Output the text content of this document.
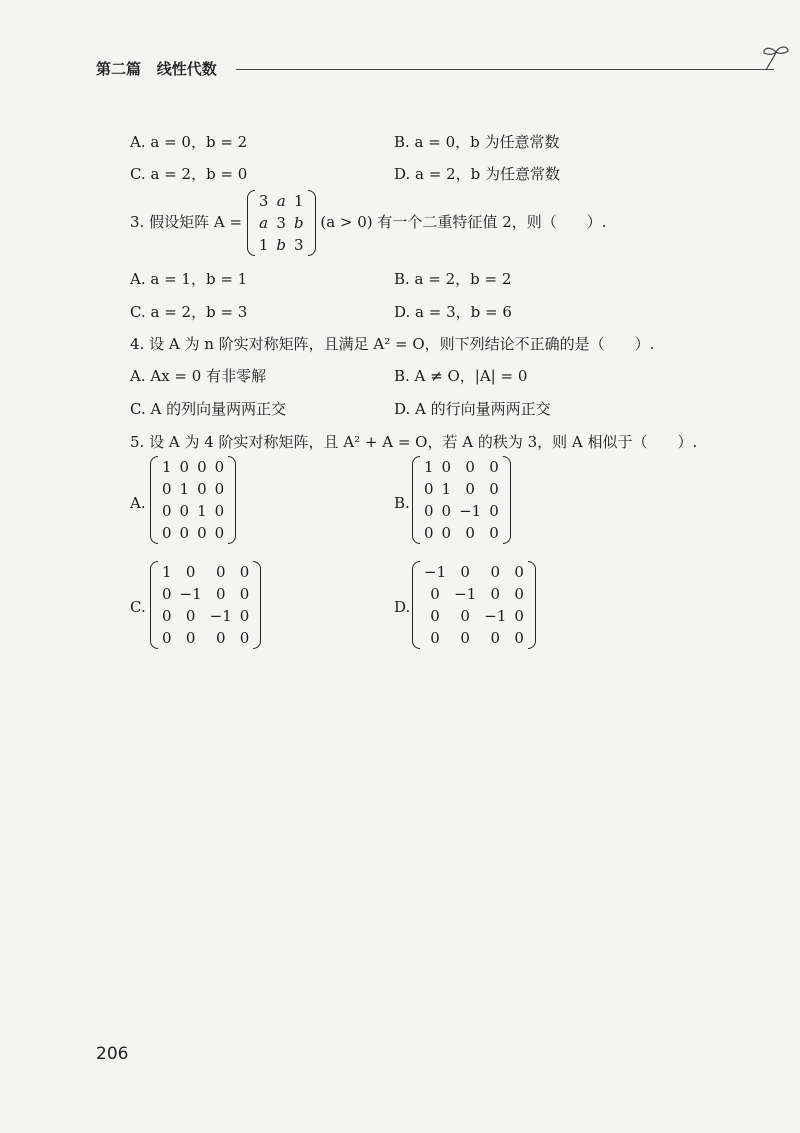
第二篇 线性代数
A. a = 0，b = 2	B. a = 0，b 为任意常数
C. a = 2，b = 0	D. a = 2，b 为任意常数
3. 假设矩阵 A =
3	a	1
a	3	b
1	b	3
(a > 0) 有一个二重特征值 2，则（　　）.
A. a = 1，b = 1	B. a = 2，b = 2
C. a = 2，b = 3	D. a = 3，b = 6
4. 设 A 为 n 阶实对称矩阵，且满足 A² = O，则下列结论不正确的是（　　）.
A. Ax = 0 有非零解	B. A ≠ O，|A| = 0
C. A 的列向量两两正交	D. A 的行向量两两正交
5. 设 A 为 4 阶实对称矩阵，且 A² + A = O，若 A 的秩为 3，则 A 相似于（　　）.
A.
1	0	0	0
0	1	0	0
0	0	1	0
0	0	0	0
B.
1	0	0	0
0	1	0	0
0	0	−1	0
0	0	0	0
C.
1	0	0	0
0	−1	0	0
0	0	−1	0
0	0	0	0
D.
−1	0	0	0
0	−1	0	0
0	0	−1	0
0	0	0	0
206
